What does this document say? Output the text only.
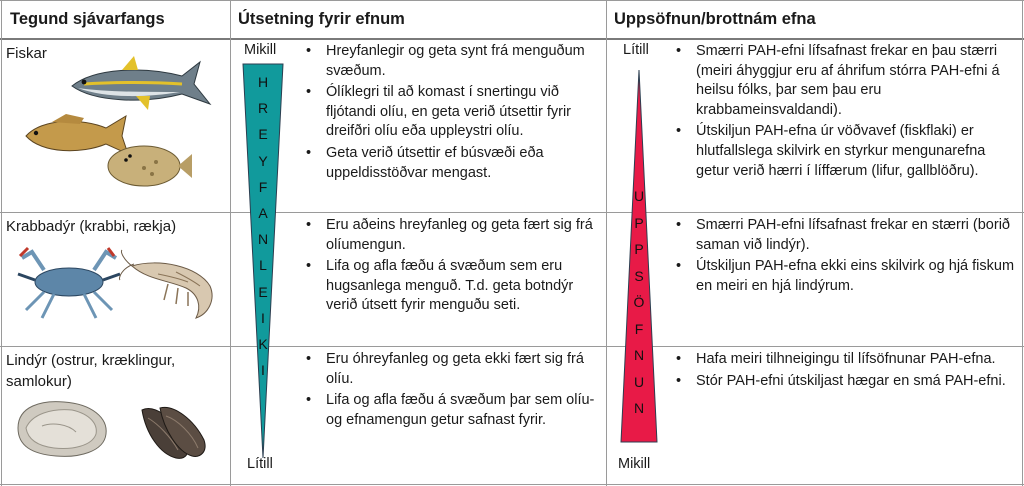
Tegund sjávarfangs	Útsetning fyrir efnum	Uppsöfnun/brottnám efna
Fiskar
Krabbadýr (krabbi, rækja)
Lindýr (ostrur, kræklingur, samlokur)
Mikill
Lítill
H
R
E
Y
F
A
N
L
E
I
K
I
Lítill
Mikill
U
P
P
S
Ö
F
N
U
N
• Hreyfanlegir og geta synt frá menguðum svæðum.
• Ólíklegri til að komast í snertingu við fljótandi olíu, en geta verið útsettir fyrir dreifðri olíu eða uppleystri olíu.
• Geta verið útsettir ef búsvæði eða uppeldisstöðvar mengast.
• Eru aðeins hreyfanleg og geta fært sig frá olíumengun.
• Lifa og afla fæðu á svæðum sem eru hugsanlega menguð. T.d. geta botndýr verið útsett fyrir menguðu seti.
• Eru óhreyfanleg og geta ekki fært sig frá olíu.
• Lifa og afla fæðu á svæðum þar sem olíu- og efnamengun getur safnast fyrir.
• Smærri PAH-efni lífsafnast frekar en þau stærri (meiri áhyggjur eru af áhrifum stórra PAH-efni á heilsu fólks, þar sem þau eru krabbameinsvaldandi).
• Útskiljun PAH-efna úr vöðvavef (fiskflaki) er hlutfallslega skilvirk en styrkur mengunarefna getur verið hærri í líffærum (lifur, gallblöðru).
• Smærri PAH-efni lífsafnast frekar en stærri (borið saman við lindýr).
• Útskiljun PAH-efna ekki eins skilvirk og hjá fiskum en meiri en hjá lindýrum.
• Hafa meiri tilhneigingu til lífsöfnunar PAH-efna.
• Stór PAH-efni útskiljast hægar en smá PAH-efni.
